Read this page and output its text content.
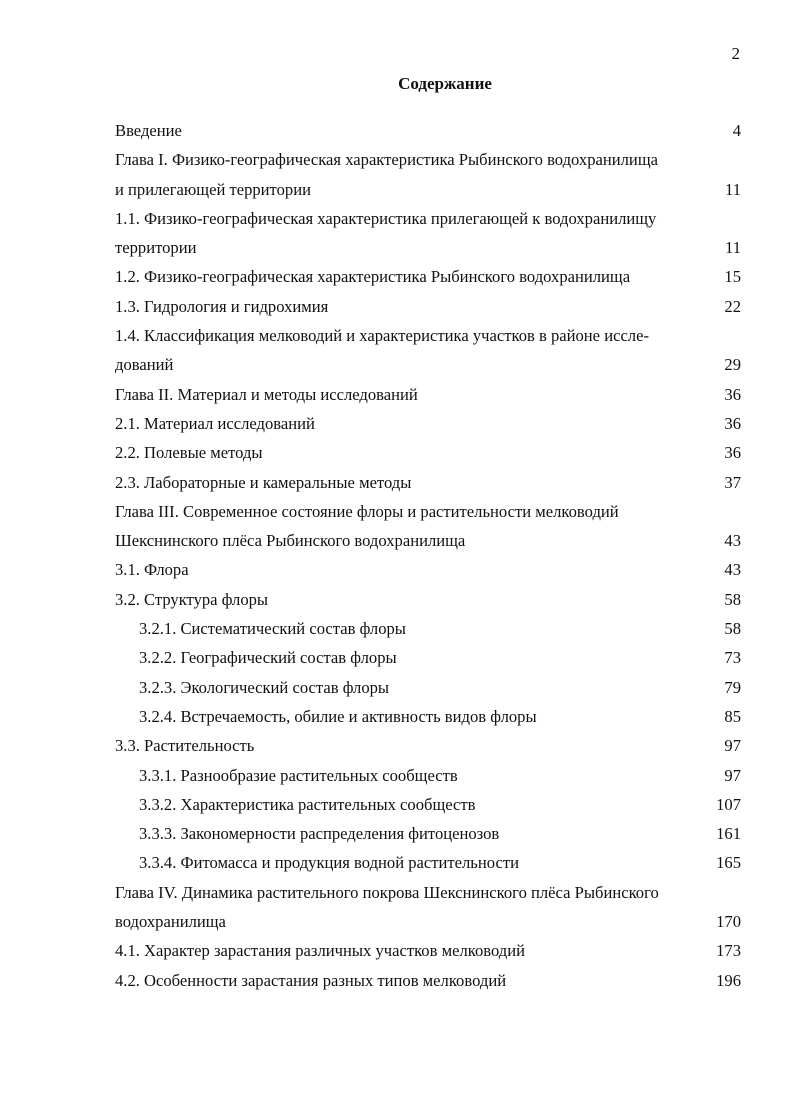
2
Содержание
Введение	4
Глава I. Физико-географическая характеристика Рыбинского водохранилища
и прилегающей территории	11
1.1. Физико-географическая характеристика прилегающей к водохранилищу
территории	11
1.2. Физико-географическая характеристика Рыбинского водохранилища	15
1.3. Гидрология и гидрохимия	22
1.4. Классификация мелководий и характеристика участков в районе иссле-
дований	29
Глава II. Материал и методы исследований	36
2.1. Материал исследований	36
2.2. Полевые методы	36
2.3. Лабораторные и камеральные методы	37
Глава III. Современное состояние флоры и растительности мелководий
Шекснинского плёса Рыбинского водохранилища	43
3.1. Флора	43
3.2. Структура флоры	58
3.2.1. Систематический состав флоры	58
3.2.2. Географический состав флоры	73
3.2.3. Экологический состав флоры	79
3.2.4. Встречаемость, обилие и активность видов флоры	85
3.3. Растительность	97
3.3.1. Разнообразие растительных сообществ	97
3.3.2. Характеристика растительных сообществ	107
3.3.3. Закономерности распределения фитоценозов	161
3.3.4. Фитомасса и продукция водной растительности	165
Глава IV. Динамика растительного покрова Шекснинского плёса Рыбинского
водохранилища	170
4.1. Характер зарастания различных участков мелководий	173
4.2. Особенности зарастания разных типов мелководий	196
